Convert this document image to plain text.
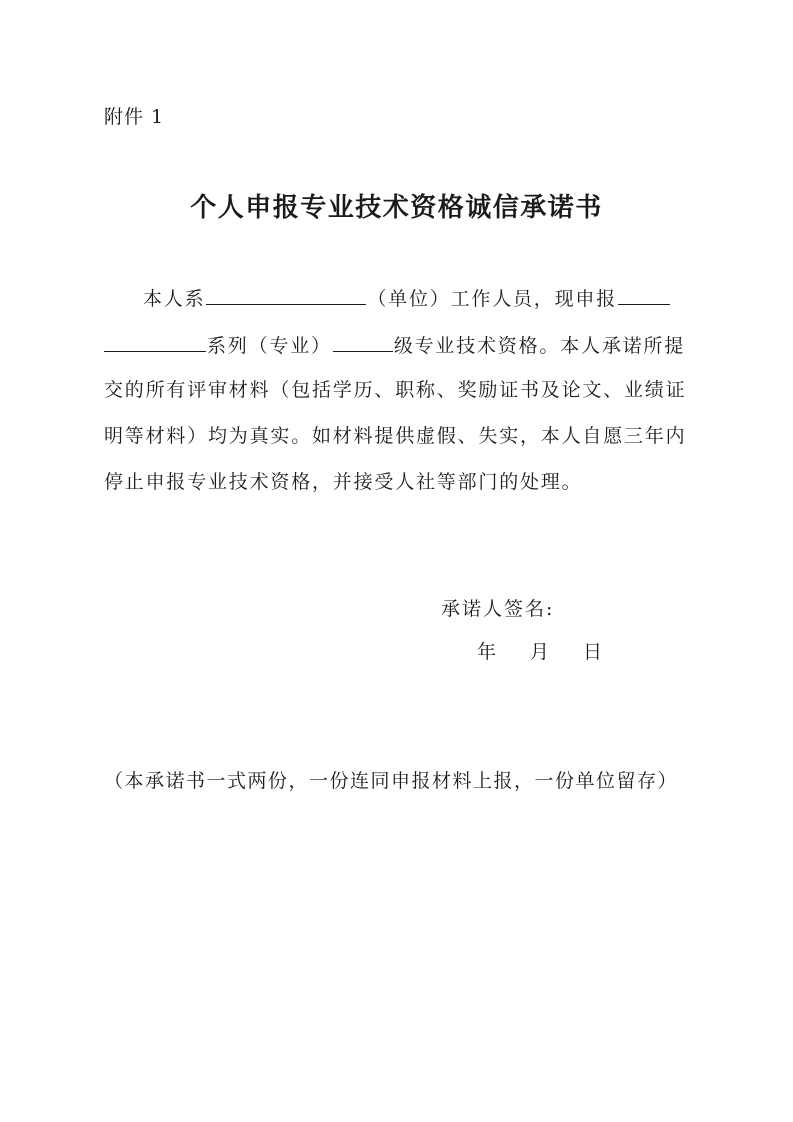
附件 1
个人申报专业技术资格诚信承诺书
本人系	（单位）工作人员，现申报
系列（专业）	级专业技术资格。本人承诺所提
交的所有评审材料（包括学历、职称、奖励证书及论文、业绩证
明等材料）均为真实。如材料提供虚假、失实，本人自愿三年内
停止申报专业技术资格，并接受人社等部门的处理。
承诺人签名:
年 月 日
（本承诺书一式两份，一份连同申报材料上报，一份单位留存）
